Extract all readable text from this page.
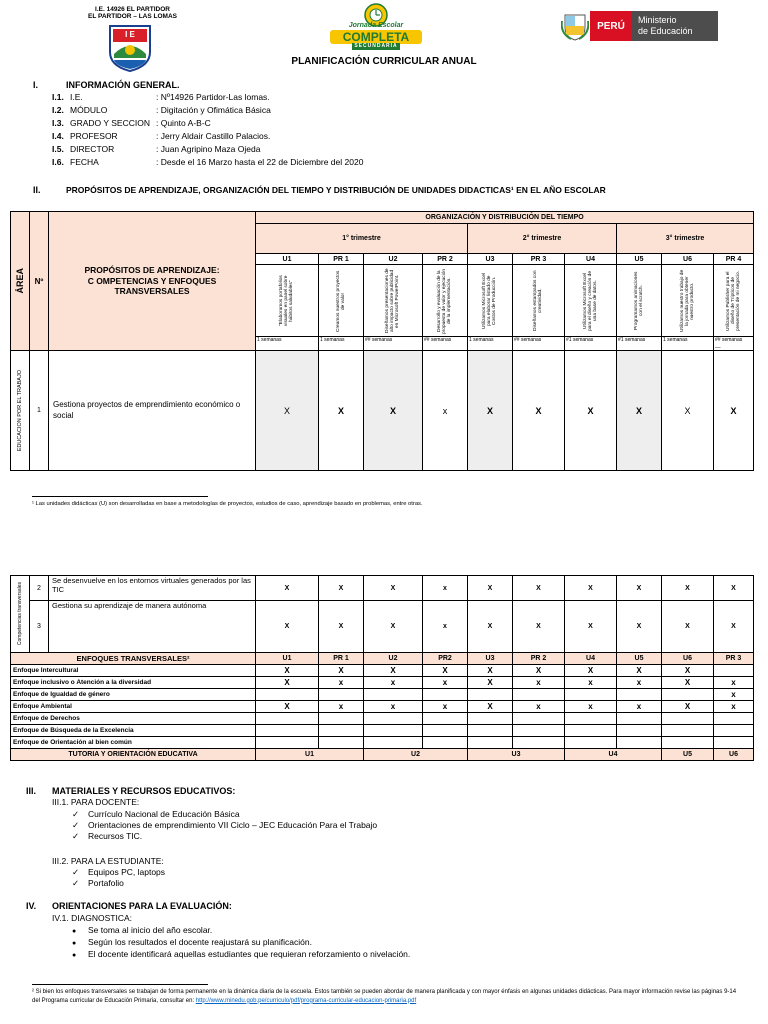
I.E. 14926 EL PARTIDOR
EL PARTIDOR – LAS LOMAS
I E
Jornada Escolar
COMPLETA
SECUNDARIA
PERÚ
Ministerio
de Educación
PLANIFICACIÓN CURRICULAR ANUAL
I.	INFORMACIÓN GENERAL.
I.1. I.E.	: Nº14926 Partidor-Las lomas.
I.2. MÓDULO	: Digitación y Ofimática Básica
I.3. GRADO Y SECCION : Quinto A-B-C
I.4. PROFESOR	: Jerry Aldair Castillo Palacios.
I.5. DIRECTOR	: Juan Agripino Maza Ojeda
I.6. FECHA	: Desde el 16 Marzo hasta el 22 de Diciembre del 2020
II.	PROPÓSITOS DE APRENDIZAJE, ORGANIZACIÓN DEL TIEMPO Y DISTRIBUCIÓN DE UNIDADES DIDACTICAS¹ EN EL AÑO ESCOLAR
ÁREA	Nº	PROPÓSITOS DE APRENDIZAJE:
C OMPETENCIAS Y ENFOQUES
TRANSVERSALES	ORGANIZACIÓN Y DISTRIBUCIÓN DEL TIEMPO									
			1° trimestre				2° trimestre			3° trimestre		
			U1	PR 1	U2	PR 2	U3	PR 3	U4	U5	U6	PR 4

			"Elaboramos portafolios visuales en panel sobre hábitos saludables"	Creamos nuestros proyectos de valor	Diseñamos presentaciones de alto impacto sobre publicidad en Microsoft PowerPoint.	Desarrollo y evaluación de la propuesta de valor y ejecución de la implementación.	Utilizamos Microsoft Excel para elaborar listado de Costos de Producción.	Diseñamos estampados con creatividad.	Utilizamos Microsoft Excel para el diseño y creación de una base de datos.	Programamos animaciones con el scratch.	Utilizamos nuestro trabajo de la jornada para obtener nuestro producto.	Utilizamos Publisher para el diseño de Trípticos de presentación de mi negocio.

			1 semanas	1 semanas	## semanas	## semanas	1 semanas	## semanas	#1 semanas	#1 semanas	1 semanas	## semanas
__

EDUCACION POR EL TRABAJO	1	Gestiona proyectos de emprendimiento económico o social	X	X	X	x	X	X	X	X	X	X
¹ Las unidades didácticas (U) son desarrolladas en base a metodologías de proyectos, estudios de caso, aprendizaje basado en problemas, entre otras.
Competencias transversales	2	Se desenvuelve en los entornos virtuales generados por las TIC	X	X	X	x	X	X	X	X	X	X
	3	Gestiona su aprendizaje de manera autónoma	X	X	X	x	X	X	X	X	X	X
ENFOQUES TRANSVERSALES²			U1	PR 1	U2	PR2	U3	PR 2	U4	U5	U6	PR 3
Enfoque Intercultural			X	X	X	X	X	X	X	X	X	
Enfoque inclusivo o Atención a la diversidad			X	x	x	x	X	x	x	x	X	x
Enfoque de Igualdad de género												x
Enfoque Ambiental			X	x	x	x	X	x	x	x	X	x
Enfoque de Derechos												
Enfoque de Búsqueda de la Excelencia												
Enfoque de Orientación al bien común												
TUTORIA Y ORIENTACIÓN EDUCATIVA			U1		U2		U3		U4		U5	U6
III. MATERIALES Y RECURSOS EDUCATIVOS:
III.1. PARA DOCENTE:
✓ Currículo Nacional de Educación Básica
✓ Orientaciones de emprendimiento VII Ciclo – JEC Educación Para el Trabajo
✓ Recursos TIC.
III.2. PARA LA ESTUDIANTE:
✓ Equipos PC, laptops
✓ Portafolio
IV. ORIENTACIONES PARA LA EVALUACIÓN:
IV.1. DIAGNOSTICA:
● Se toma al inicio del año escolar.
● Según los resultados el docente reajustará su planificación.
● El docente identificará aquellas estudiantes que requieran reforzamiento o nivelación.
² Si bien los enfoques transversales se trabajan de forma permanente en la dinámica diaria de la escuela. Estos también se pueden abordar de manera planificada y con mayor énfasis en algunas unidades didácticas. Para mayor información revise las páginas 9-14 del Programa curricular de Educación Primaria, consultar en: http://www.minedu.gob.pe/curriculo/pdf/programa-curricular-educacion-primaria.pdf
